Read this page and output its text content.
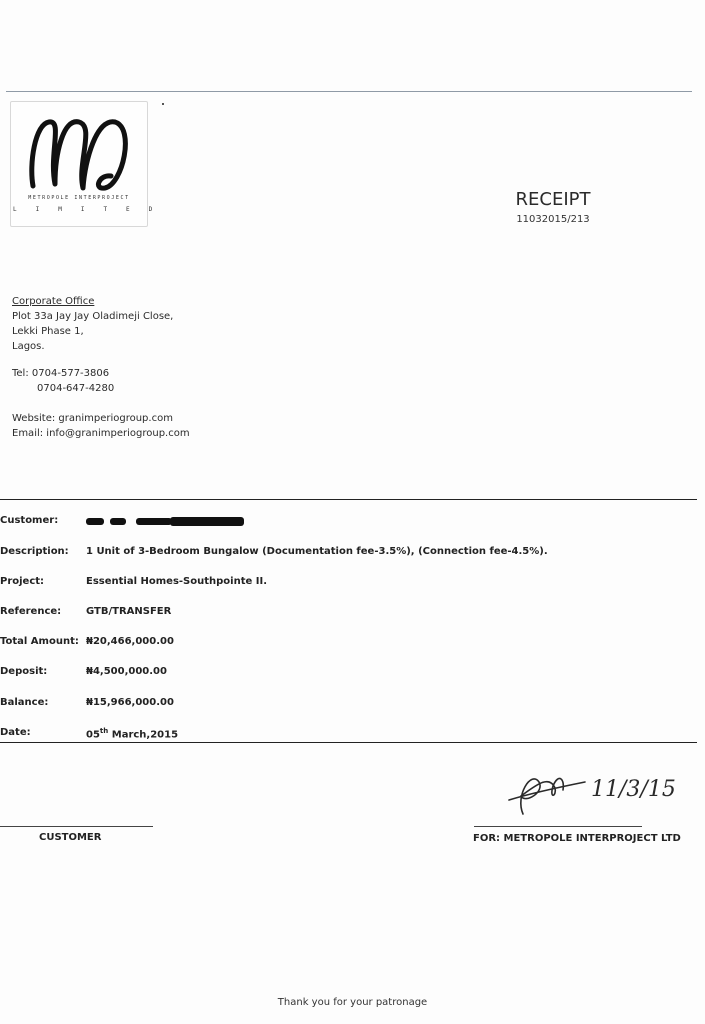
METROPOLE INTERPROJECT
LIMITED	RECEIPT
11032015/213
Corporate Office
Plot 33a Jay Jay Oladimeji Close,
Lekki Phase 1,
Lagos.
Tel: 0704-577-3806
0704-647-4280
Website: granimperiogroup.com
Email: info@granimperiogroup.com
Customer:
Description: 1 Unit of 3-Bedroom Bungalow (Documentation fee-3.5%), (Connection fee-4.5%).
Project:	Essential Homes-Southpointe II.
Reference: GTB/TRANSFER
Total Amount: ₦20,466,000.00
Deposit:	₦4,500,000.00
Balance:	₦15,966,000.00
Date:	05th March,2015
11/3/15
CUSTOMER	FOR: METROPOLE INTERPROJECT LTD
Thank you for your patronage
